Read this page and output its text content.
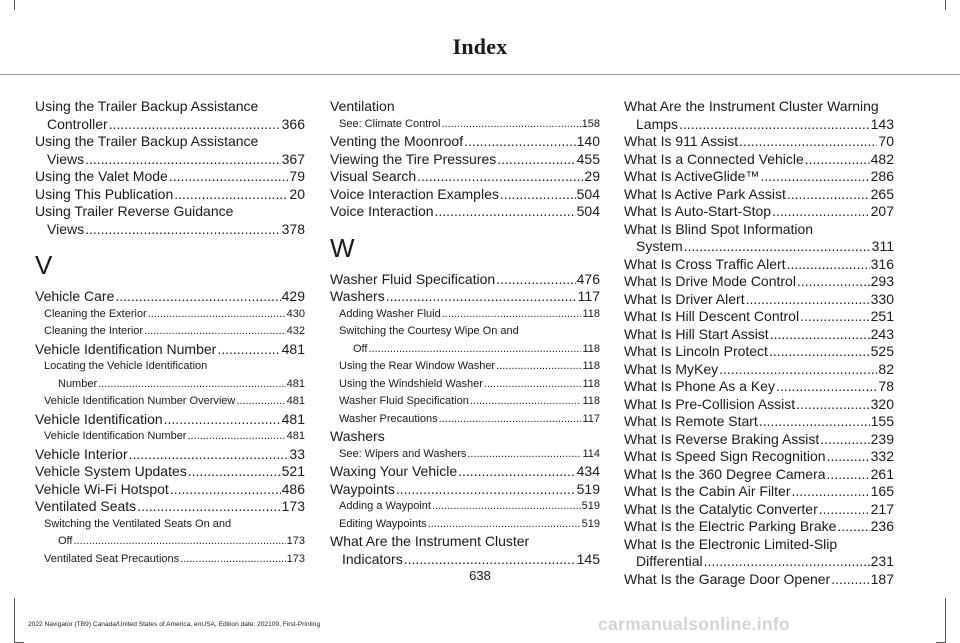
Index
Using the Trailer Backup Assistance
Controller .....	366
Using the Trailer Backup Assistance
Views .....	367
Using the Valet Mode .....	79
Using This Publication .....	20
Using Trailer Reverse Guidance
Views .....	378
V
Vehicle Care .....	429
Cleaning the Exterior .....	430
Cleaning the Interior .....	432
Vehicle Identification Number .....	481
Locating the Vehicle Identification
Number .....	481
Vehicle Identification Number Overview .....	481
Vehicle Identification .....	481
Vehicle Identification Number .....	481
Vehicle Interior .....	33
Vehicle System Updates .....	521
Vehicle Wi-Fi Hotspot .....	486
Ventilated Seats .....	173
Switching the Ventilated Seats On and
Off .....	173
Ventilated Seat Precautions .....	173
Ventilation
See: Climate Control .....	158
Venting the Moonroof .....	140
Viewing the Tire Pressures .....	455
Visual Search .....	29
Voice Interaction Examples .....	504
Voice Interaction .....	504
W
Washer Fluid Specification .....	476
Washers .....	117
Adding Washer Fluid .....	118
Switching the Courtesy Wipe On and
Off .....	118
Using the Rear Window Washer .....	118
Using the Windshield Washer .....	118
Washer Fluid Specification .....	118
Washer Precautions .....	117
Washers
See: Wipers and Washers .....	114
Waxing Your Vehicle .....	434
Waypoints .....	519
Adding a Waypoint .....	519
Editing Waypoints .....	519
What Are the Instrument Cluster
Indicators .....	145
What Are the Instrument Cluster Warning
Lamps .....	143
What Is 911 Assist .....	70
What Is a Connected Vehicle .....	482
What Is ActiveGlide™ .....	286
What Is Active Park Assist .....	265
What Is Auto-Start-Stop .....	207
What Is Blind Spot Information
System .....	311
What Is Cross Traffic Alert .....	316
What Is Drive Mode Control .....	293
What Is Driver Alert .....	330
What Is Hill Descent Control .....	251
What Is Hill Start Assist .....	243
What Is Lincoln Protect .....	525
What Is MyKey .....	82
What Is Phone As a Key .....	78
What Is Pre-Collision Assist .....	320
What Is Remote Start .....	155
What Is Reverse Braking Assist .....	239
What Is Speed Sign Recognition .....	332
What Is the 360 Degree Camera .....	261
What Is the Cabin Air Filter .....	165
What Is the Catalytic Converter .....	217
What Is the Electric Parking Brake ..... 236
What Is the Electronic Limited-Slip
Differential .....	231
What Is the Garage Door Opener .....	187
638
2022 Navigator (TB9) Canada/United States of America, enUSA, Edition date: 202109, First-Printing	carmanualsonline.info
